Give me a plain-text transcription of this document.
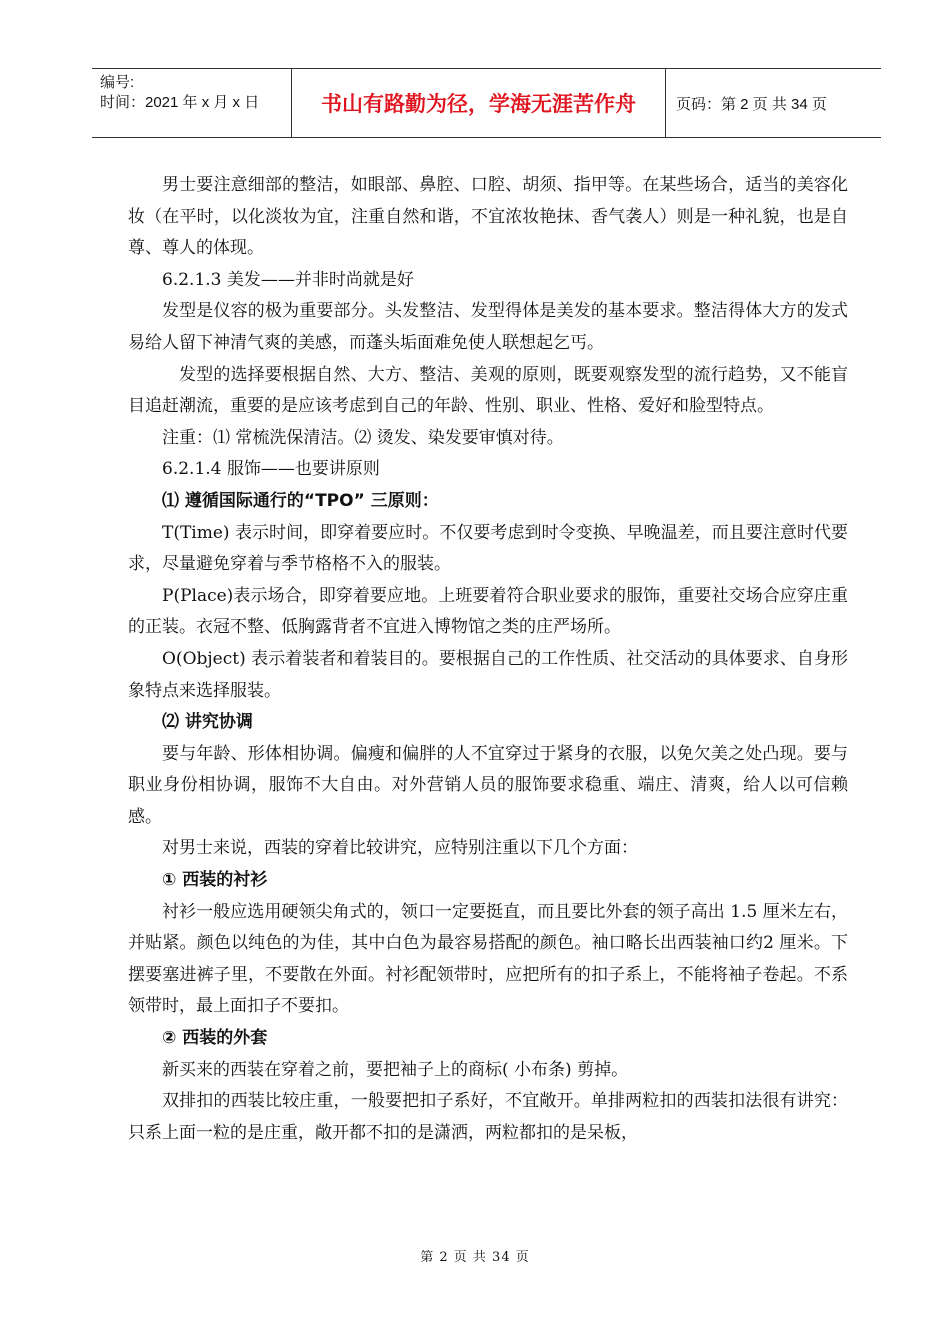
编号:
时间：2021 年 x 月 x 日	书山有路勤为径，学海无涯苦作舟	页码：第 2 页 共 34 页

男士要注意细部的整洁，如眼部、鼻腔、口腔、胡须、指甲等。在某些场合，适当的美容化妆（在平时，以化淡妆为宜，注重自然和谐，不宜浓妆艳抹、香气袭人）则是一种礼貌，也是自尊、尊人的体现。

6.2.1.3 美发——并非时尚就是好

发型是仪容的极为重要部分。头发整洁、发型得体是美发的基本要求。整洁得体大方的发式易给人留下神清气爽的美感，而蓬头垢面难免使人联想起乞丐。

发型的选择要根据自然、大方、整洁、美观的原则，既要观察发型的流行趋势，又不能盲目追赶潮流，重要的是应该考虑到自己的年龄、性别、职业、性格、爱好和脸型特点。

注重：⑴ 常梳洗保清洁。⑵ 烫发、染发要审慎对待。

6.2.1.4 服饰——也要讲原则

⑴ 遵循国际通行的“TPO” 三原则：

T(Time) 表示时间，即穿着要应时。不仅要考虑到时令变换、早晚温差，而且要注意时代要求，尽量避免穿着与季节格格不入的服装。

P(Place)表示场合，即穿着要应地。上班要着符合职业要求的服饰，重要社交场合应穿庄重的正装。衣冠不整、低胸露背者不宜进入博物馆之类的庄严场所。

O(Object) 表示着装者和着装目的。要根据自己的工作性质、社交活动的具体要求、自身形象特点来选择服装。

⑵ 讲究协调

要与年龄、形体相协调。偏瘦和偏胖的人不宜穿过于紧身的衣服，以免欠美之处凸现。要与职业身份相协调，服饰不大自由。对外营销人员的服饰要求稳重、端庄、清爽，给人以可信赖感。

对男士来说，西装的穿着比较讲究，应特别注重以下几个方面：

① 西装的衬衫

衬衫一般应选用硬领尖角式的，领口一定要挺直，而且要比外套的领子高出 1.5 厘米左右，并贴紧。颜色以纯色的为佳，其中白色为最容易搭配的颜色。袖口略长出西装袖口约2 厘米。下摆要塞进裤子里，不要散在外面。衬衫配领带时，应把所有的扣子系上，不能将袖子卷起。不系领带时，最上面扣子不要扣。

② 西装的外套

新买来的西装在穿着之前，要把袖子上的商标( 小布条) 剪掉。

双排扣的西装比较庄重，一般要把扣子系好，不宜敞开。单排两粒扣的西装扣法很有讲究：只系上面一粒的是庄重，敞开都不扣的是潇洒，两粒都扣的是呆板，

第 2 页 共 34 页
